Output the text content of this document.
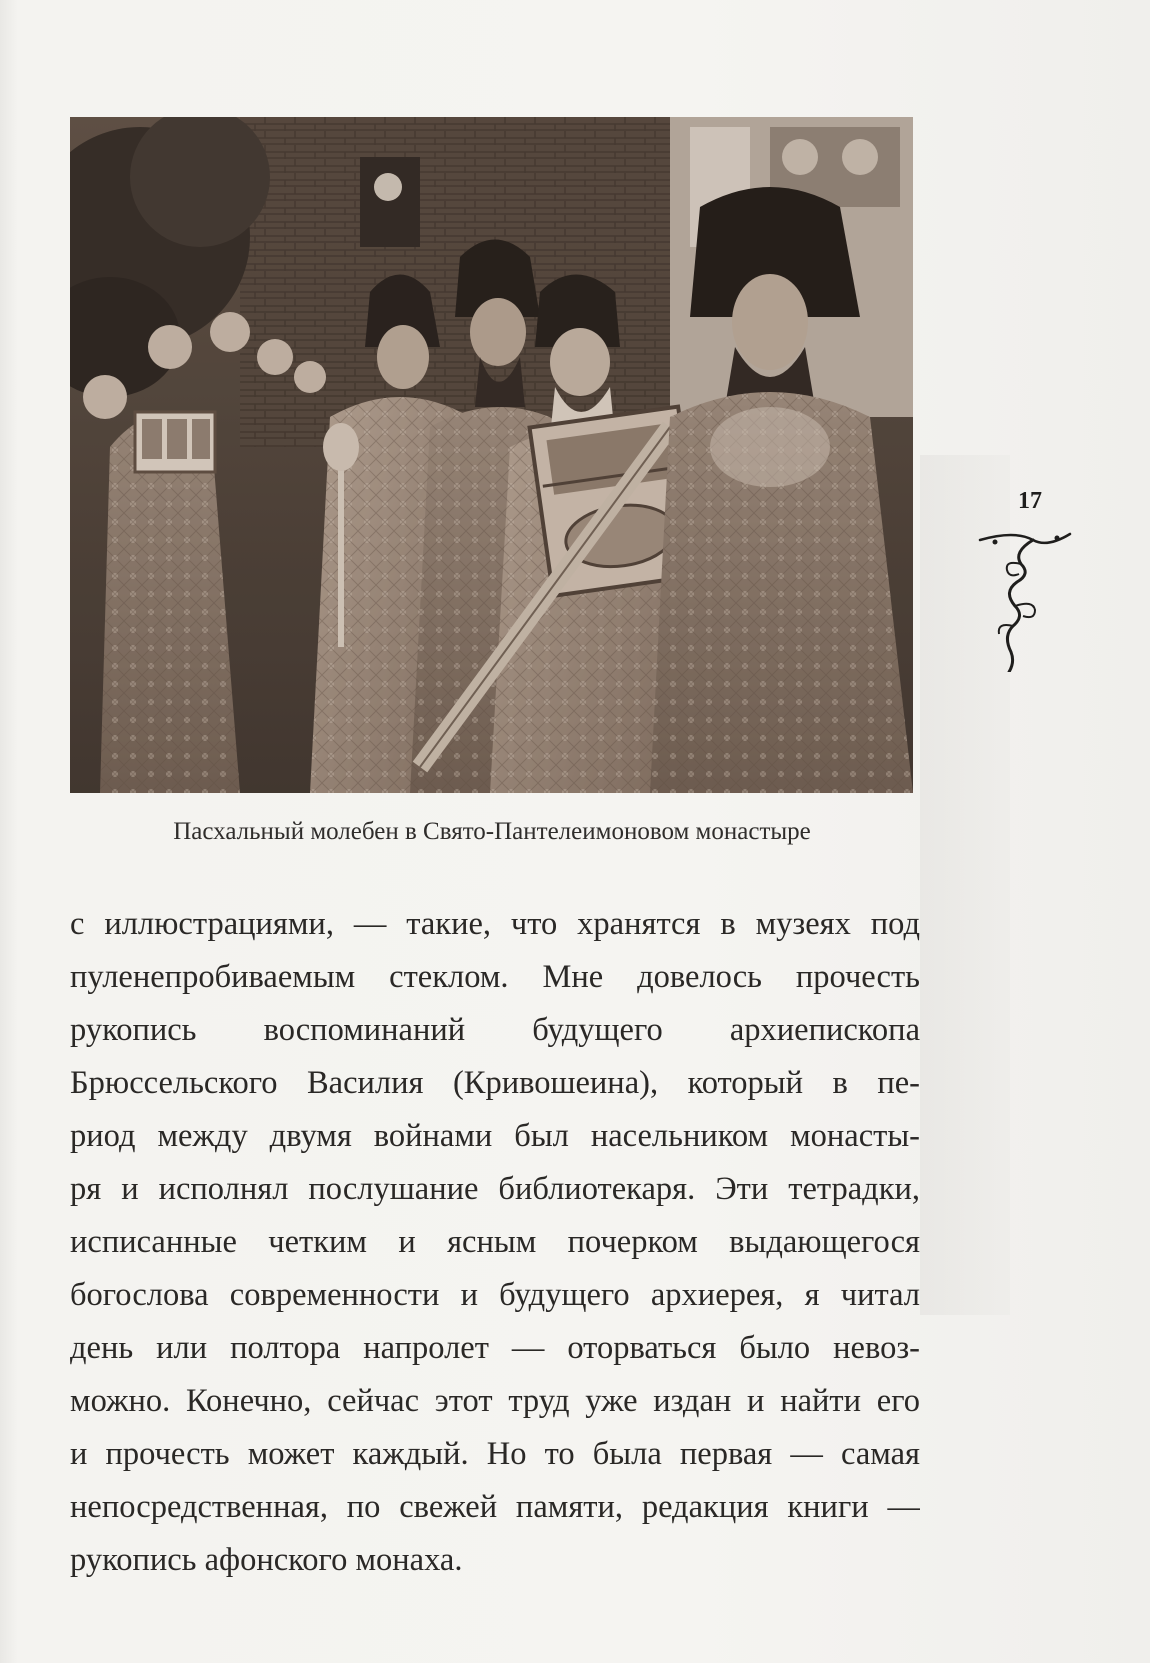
Пасхальный молебен в Свято-Пантелеимоновом монастыре

17
с иллюстрациями, — такие, что хранятся в музеях под
пуленепробиваемым стеклом. Мне довелось прочесть
рукопись воспоминаний будущего архиепископа
Брюссельского Василия (Кривошеина), который в пе-
риод между двумя войнами был насельником монасты-
ря и исполнял послушание библиотекаря. Эти тетрадки,
исписанные четким и ясным почерком выдающегося
богослова современности и будущего архиерея, я читал
день или полтора напролет — оторваться было невоз-
можно. Конечно, сейчас этот труд уже издан и найти его
и прочесть может каждый. Но то была первая — самая
непосредственная, по свежей памяти, редакция книги —
рукопись афонского монаха.
